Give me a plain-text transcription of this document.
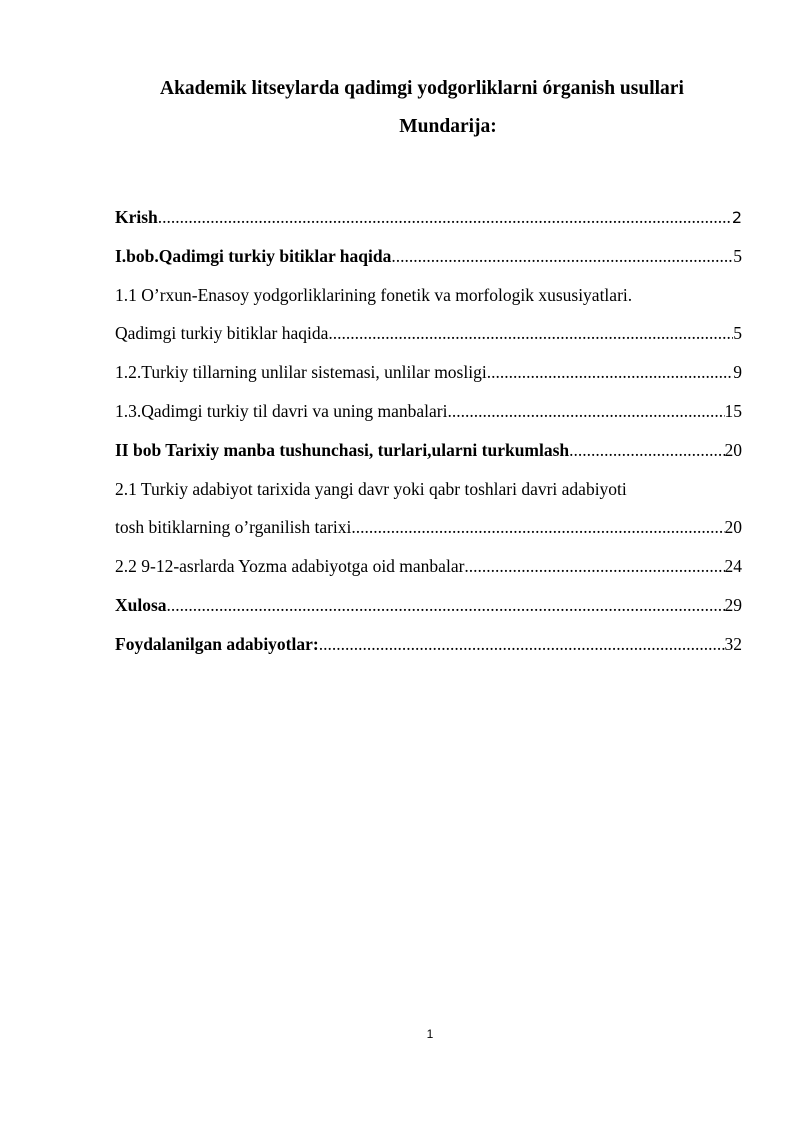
Akademik litseylarda qadimgi yodgorliklarni órganish usullari
Mundarija:
Krish .....	2
I.bob.Qadimgi turkiy bitiklar haqida .....	5
1.1 O’rxun-Enasoy yodgorliklarining fonetik va morfologik xususiyatlari.
Qadimgi turkiy bitiklar haqida .....	5
1.2.Turkiy tillarning unlilar sistemasi, unlilar mosligi .....	9
1.3.Qadimgi turkiy til davri va uning manbalari .....	15
II bob Tarixiy manba tushunchasi, turlari,ularni turkumlash .....	20
2.1 Turkiy adabiyot tarixida yangi davr yoki qabr toshlari davri adabiyoti
tosh bitiklarning o’rganilish tarixi .....	20
2.2 9-12-asrlarda Yozma adabiyotga oid manbalar .....	24
Xulosa .....	29
Foydalanilgan adabiyotlar: .....	32

1
